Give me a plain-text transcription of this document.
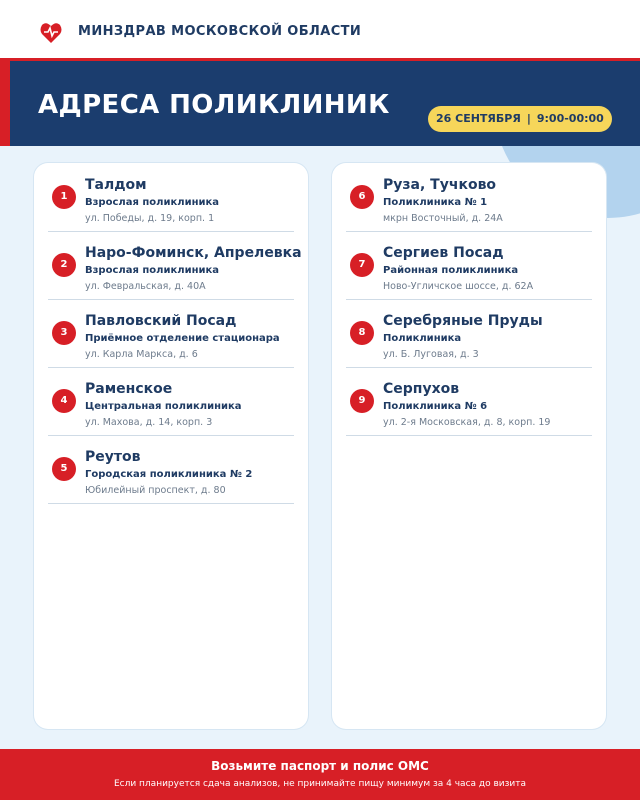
МИНЗДРАВ МОСКОВСКОЙ ОБЛАСТИ
АДРЕСА ПОЛИКЛИНИК	26 СЕНТЯБРЯ | 9:00-00:00
1
Талдом
Взрослая поликлиника
ул. Победы, д. 19, корп. 1
2
Наро-Фоминск, Апрелевка
Взрослая поликлиника
ул. Февральская, д. 40А
3
Павловский Посад
Приёмное отделение стационара
ул. Карла Маркса, д. 6
4
Раменское
Центральная поликлиника
ул. Махова, д. 14, корп. 3
5
Реутов
Городская поликлиника № 2
Юбилейный проспект, д. 80
6
Руза, Тучково
Поликлиника № 1
мкрн Восточный, д. 24А
7
Сергиев Посад
Районная поликлиника
Ново-Угличское шоссе, д. 62А
8
Серебряные Пруды
Поликлиника
ул. Б. Луговая, д. 3
9
Серпухов
Поликлиника № 6
ул. 2-я Московская, д. 8, корп. 19
Возьмите паспорт и полис ОМС
Если планируется сдача анализов, не принимайте пищу минимум за 4 часа до визита
